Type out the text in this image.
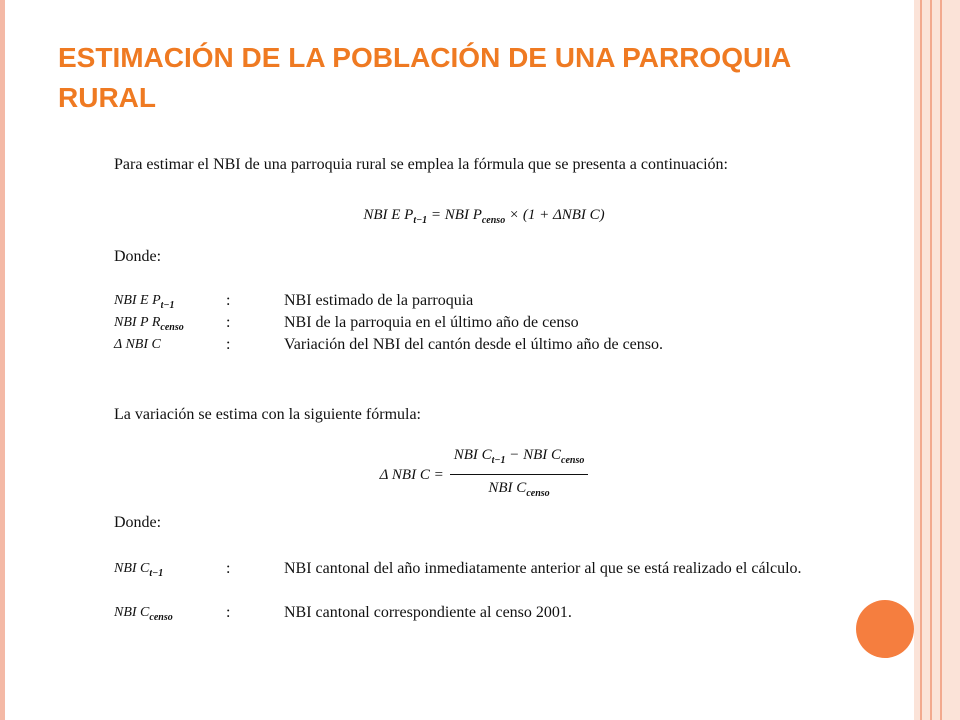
ESTIMACIÓN DE LA POBLACIÓN DE UNA PARROQUIA RURAL
Para estimar el NBI de una parroquia rural se emplea la fórmula que se presenta a continuación:
NBI E $P_{t-1}$ = NBI $P_{censo} \times (1 + \Delta NBI$ C)
Donde:
NBI E $P_{t-1}$	:	NBI estimado de la parroquia
NBI P $R_{censo}$	:	NBI de la parroquia en el último año de censo
Δ NBI C	:	Variación del NBI del cantón desde el último año de censo.
La variación se estima con la siguiente fórmula:
Δ NBI $C = \frac{NBI C_{t-1} - NBI C_{censo}}{NBI C_{censo}}$
Donde:
NBI $C_{t-1}$	:	NBI cantonal del año inmediatamente anterior al que se está realizado el cálculo.
NBI $C_{censo}$	:	NBI cantonal correspondiente al censo 2001.
